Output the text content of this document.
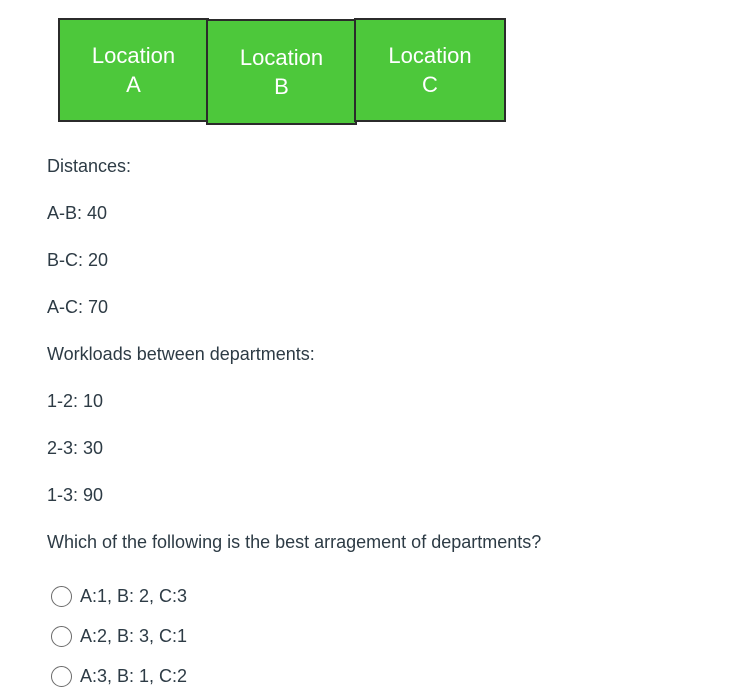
Location
A
Location
B
Location
C
Distances:
A-B: 40
B-C: 20
A-C: 70
Workloads between departments:
1-2: 10
2-3: 30
1-3: 90
Which of the following is the best arragement of departments?
A:1, B: 2, C:3
A:2, B: 3, C:1
A:3, B: 1, C:2
